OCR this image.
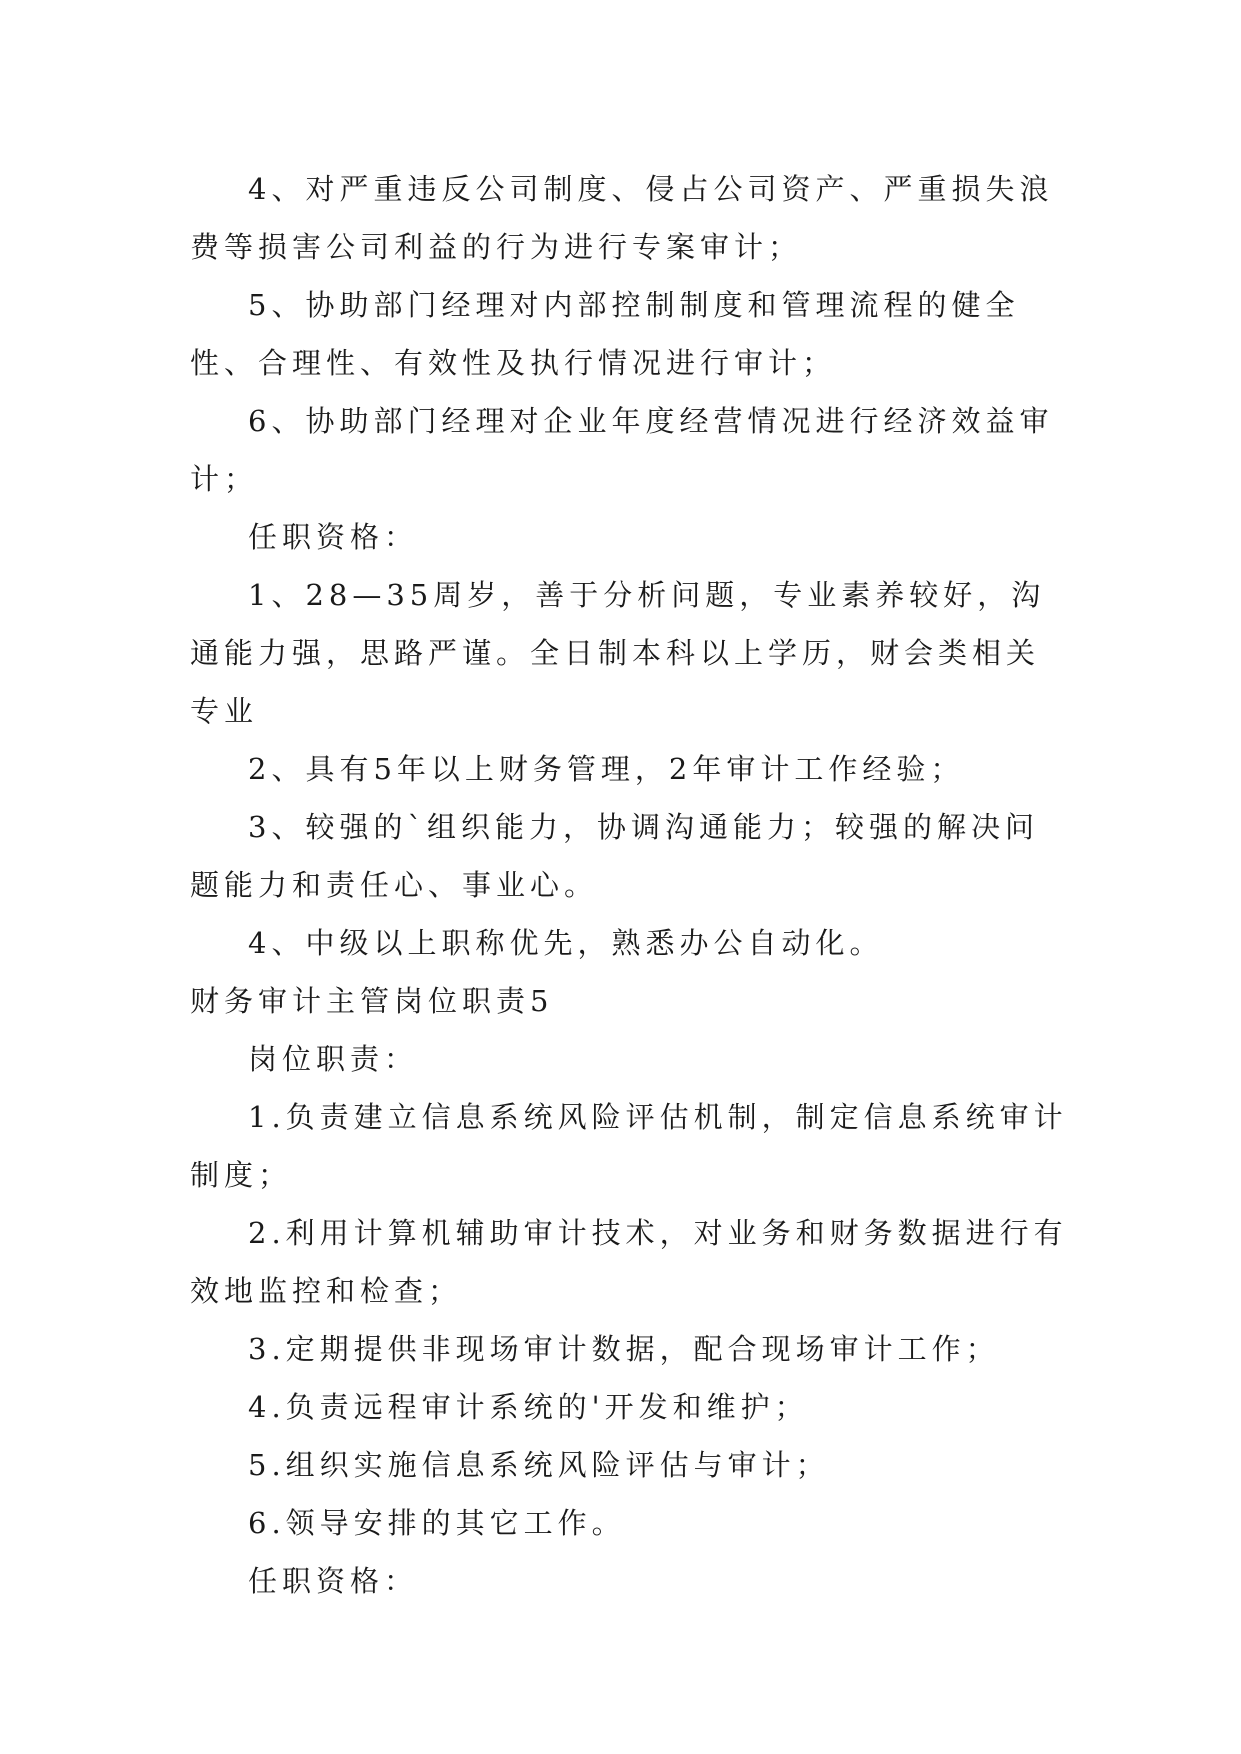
4、对严重违反公司制度、侵占公司资产、严重损失浪费等损害公司利益的行为进行专案审计；

5、协助部门经理对内部控制制度和管理流程的健全性、合理性、有效性及执行情况进行审计；

6、协助部门经理对企业年度经营情况进行经济效益审计；

任职资格：

1、28—35周岁，善于分析问题，专业素养较好，沟通能力强，思路严谨。全日制本科以上学历，财会类相关专业

2、具有5年以上财务管理，2年审计工作经验；

3、较强的`组织能力，协调沟通能力；较强的解决问题能力和责任心、事业心。

4、中级以上职称优先，熟悉办公自动化。

财务审计主管岗位职责5

岗位职责：

1.负责建立信息系统风险评估机制，制定信息系统审计制度；

2.利用计算机辅助审计技术，对业务和财务数据进行有效地监控和检查；

3.定期提供非现场审计数据，配合现场审计工作；

4.负责远程审计系统的'开发和维护；

5.组织实施信息系统风险评估与审计；

6.领导安排的其它工作。

任职资格：
